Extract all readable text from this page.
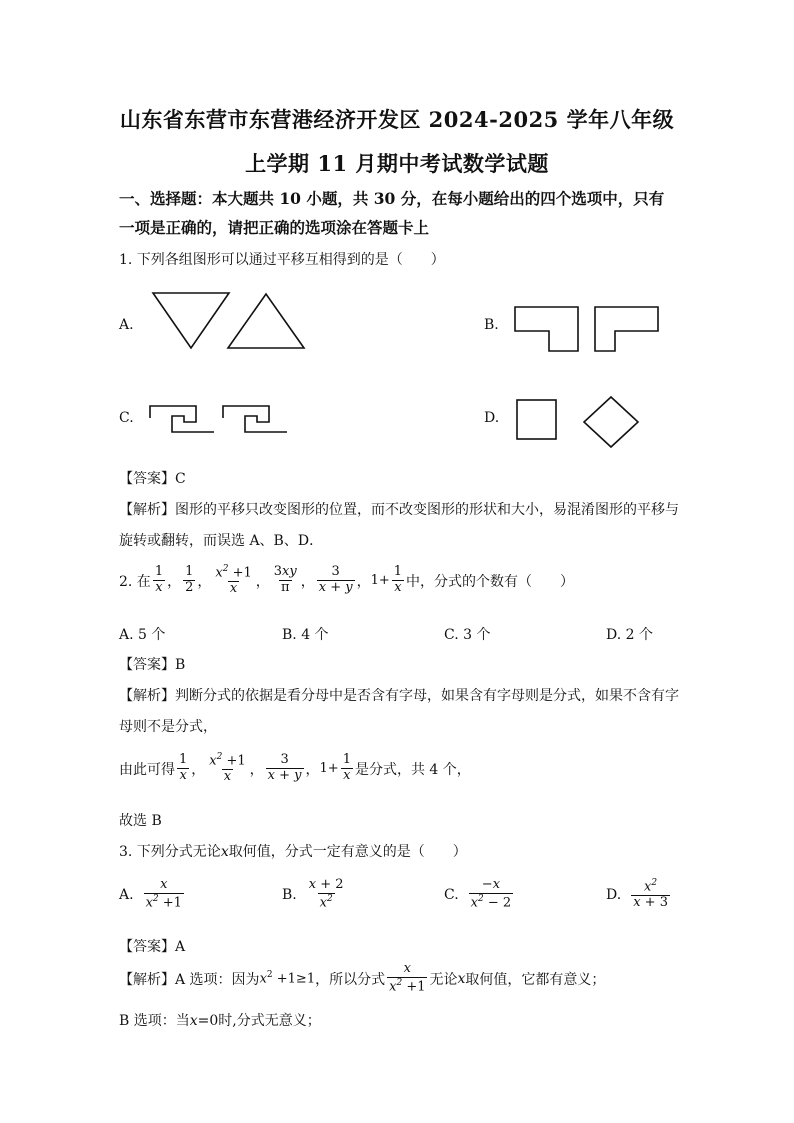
山东省东营市东营港经济开发区 2024-2025 学年八年级
上学期 11 月期中考试数学试题
一、选择题：本大题共 10 小题，共 30 分，在每小题给出的四个选项中，只有
一项是正确的，请把正确的选项涂在答题卡上
1. 下列各组图形可以通过平移互相得到的是（　　）
A.	B.
C.	D.
【答案】C
【解析】图形的平移只改变图形的位置，而不改变图形的形状和大小，易混淆图形的平移与
旋转或翻转，而误选 A、B、D．
2. 在 $\frac{1}{x}$ ， $\frac{1}{2}$ ， $\frac{x^2 +1}{x}$ ， $\frac{3xy}{\pi}$ ， $\frac{3}{x + y}$ ， $1+ \frac{1}{x}$ 中，分式的个数有（　　）
A. 5 个	B. 4 个	C. 3 个	D. 2 个
【答案】B
【解析】判断分式的依据是看分母中是否含有字母，如果含有字母则是分式，如果不含有字
母则不是分式，
由此可得 $\frac{1}{x}$ ， $\frac{x^2 +1}{x}$ ， $\frac{3}{x + y}$ ， $1+ \frac{1}{x}$ 是分式，共 4 个，
故选 B
3. 下列分式无论x取何值，分式一定有意义的是（　　）
A. $\frac{x}{x^2 +1}$	B. $\frac{x + 2}{x^2}$	C. $\frac{-x}{x^2 - 2}$	D. $\frac{x^2}{x + 3}$
【答案】A
【解析】A 选项：因为 $x^2 +1\ge 1$ ，所以分式 $\frac{x}{x^2 +1}$ 无论 x 取何值，它都有意义；
B 选项：当x=0时,分式无意义；
